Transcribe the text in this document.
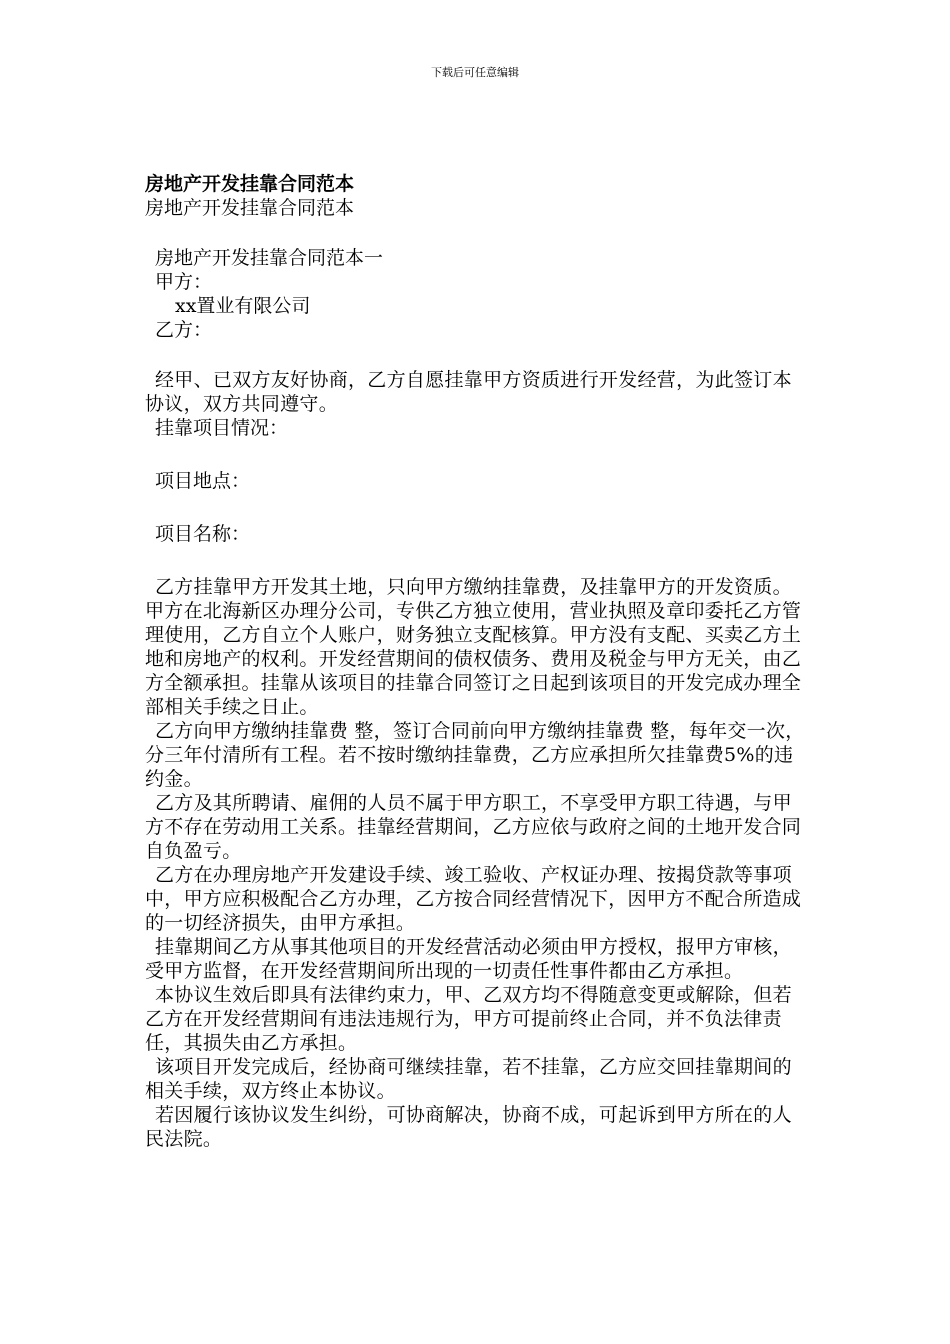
下载后可任意编辑

房地产开发挂靠合同范本

房地产开发挂靠合同范本

房地产开发挂靠合同范本一

甲方：

xx置业有限公司

乙方：

经甲、已双方友好协商，乙方自愿挂靠甲方资质进行开发经营，为此签订本协议，双方共同遵守。

挂靠项目情况：

项目地点：

项目名称：

乙方挂靠甲方开发其土地，只向甲方缴纳挂靠费，及挂靠甲方的开发资质。甲方在北海新区办理分公司，专供乙方独立使用，营业执照及章印委托乙方管理使用，乙方自立个人账户，财务独立支配核算。甲方没有支配、买卖乙方土地和房地产的权利。开发经营期间的债权债务、费用及税金与甲方无关，由乙方全额承担。挂靠从该项目的挂靠合同签订之日起到该项目的开发完成办理全部相关手续之日止。

乙方向甲方缴纳挂靠费 整，签订合同前向甲方缴纳挂靠费 整，每年交一次，分三年付清所有工程。若不按时缴纳挂靠费，乙方应承担所欠挂靠费5%的违约金。

乙方及其所聘请、雇佣的人员不属于甲方职工，不享受甲方职工待遇，与甲方不存在劳动用工关系。挂靠经营期间，乙方应依与政府之间的土地开发合同自负盈亏。

乙方在办理房地产开发建设手续、竣工验收、产权证办理、按揭贷款等事项中，甲方应积极配合乙方办理，乙方按合同经营情况下，因甲方不配合所造成的一切经济损失，由甲方承担。

挂靠期间乙方从事其他项目的开发经营活动必须由甲方授权，报甲方审核，受甲方监督，在开发经营期间所出现的一切责任性事件都由乙方承担。

本协议生效后即具有法律约束力，甲、乙双方均不得随意变更或解除，但若乙方在开发经营期间有违法违规行为，甲方可提前终止合同，并不负法律责任，其损失由乙方承担。

该项目开发完成后，经协商可继续挂靠，若不挂靠，乙方应交回挂靠期间的相关手续，双方终止本协议。

若因履行该协议发生纠纷，可协商解决，协商不成，可起诉到甲方所在的人民法院。
